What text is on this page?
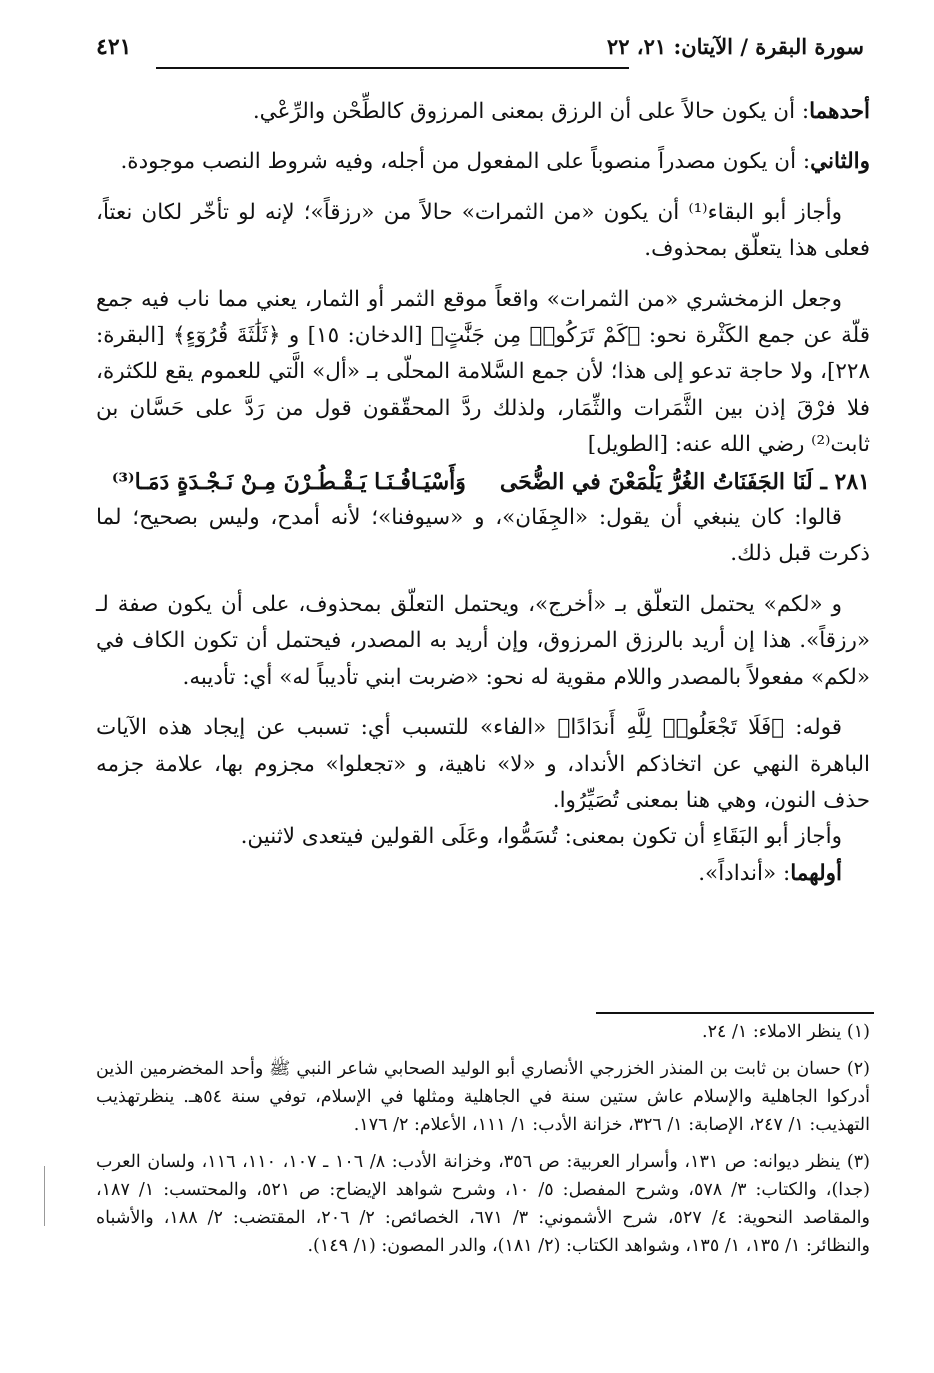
سورة البقرة / الآيتان: ٢١، ٢٢
٤٢١

أحدهما: أن يكون حالاً على أن الرزق بمعنى المرزوق كالطِّحْن والرِّعْي.

والثاني: أن يكون مصدراً منصوباً على المفعول من أجله، وفيه شروط النصب موجودة.

وأجاز أبو البقاء⁽¹⁾ أن يكون «من الثمرات» حالاً من «رزقاً»؛ لإنه لو تأخّر لكان نعتاً، فعلى هذا يتعلّق بمحذوف.

وجعل الزمخشري «من الثمرات» واقعاً موقع الثمر أو الثمار، يعني مما ناب فيه جمع قلّة عن جمع الكَثْرة نحو: ﴿كَمْ تَرَكُوا۟ مِن جَنَّٰتٍ﴾ [الدخان: ١٥] و ﴿ثَلَٰثَةَ قُرُوٓءٍ﴾ [البقرة: ٢٢٨]، ولا حاجة تدعو إلى هذا؛ لأن جمع السَّلامة المحلّى بـ «أل» الَّتي للعموم يقع للكثرة، فلا فرْقَ إذن بين الثَّمَرات والثِّمَار، ولذلك ردَّ المحقّقون قول من رَدَّ على حَسَّان بن ثابت⁽²⁾ رضي الله عنه: [الطويل]

٢٨١ ـ لَنَا الجَفَنَاتُ الغُرُّ يَلْمَعْنَ في الضُّحَى
وَأَسْيَـافُـنَـا يَـقْـطُـرْنَ مِـنْ نَـجْـدَةٍ دَمَـا⁽³⁾

قالوا: كان ينبغي أن يقول: «الجِفَان»، و «سيوفنا»؛ لأنه أمدح، وليس بصحيح؛ لما ذكرت قبل ذلك.

و «لكم» يحتمل التعلّق بـ «أخرج»، ويحتمل التعلّق بمحذوف، على أن يكون صفة لـ «رزقاً». هذا إن أريد بالرزق المرزوق، وإن أريد به المصدر، فيحتمل أن تكون الكاف في «لكم» مفعولاً بالمصدر واللام مقوية له نحو: «ضربت ابني تأديباً له» أي: تأديبه.

قوله: ﴿فَلَا تَجْعَلُوا۟ لِلَّهِ أَندَادًا﴾ «الفاء» للتسبب أي: تسبب عن إيجاد هذه الآيات الباهرة النهي عن اتخاذكم الأنداد، و «لا» ناهية، و «تجعلوا» مجزوم بها، علامة جزمه حذف النون، وهي هنا بمعنى تُصَيِّرُوا.

وأجاز أبو البَقَاءِ أن تكون بمعنى: تُسَمُّوا، وعَلَى القولين فيتعدى لاثنين.

أولهما: «أنداداً».

(١) ينظر الاملاء: ١/ ٢٤.

(٢) حسان بن ثابت بن المنذر الخزرجي الأنصاري أبو الوليد الصحابي شاعر النبي ﷺ وأحد المخضرمين الذين أدركوا الجاهلية والإسلام عاش ستين سنة في الجاهلية ومثلها في الإسلام، توفي سنة ٥٤هـ. ينظرتهذيب التهذيب: ١/ ٢٤٧، الإصابة: ١/ ٣٢٦، خزانة الأدب: ١/ ١١١، الأعلام: ٢/ ١٧٦.

(٣) ينظر ديوانه: ص ١٣١، وأسرار العربية: ص ٣٥٦، وخزانة الأدب: ٨/ ١٠٦ ـ ١٠٧، ١١٠، ١١٦، ولسان العرب (جدا)، والكتاب: ٣/ ٥٧٨، وشرح المفصل: ٥/ ١٠، وشرح شواهد الإيضاح: ص ٥٢١، والمحتسب: ١/ ١٨٧، والمقاصد النحوية: ٤/ ٥٢٧، شرح الأشموني: ٣/ ٦٧١، الخصائص: ٢/ ٢٠٦، المقتضب: ٢/ ١٨٨، والأشباه والنظائر: ١/ ١٣٥، ١/ ١٣٥، وشواهد الكتاب: (٢/ ١٨١)، والدر المصون: (١/ ١٤٩).
